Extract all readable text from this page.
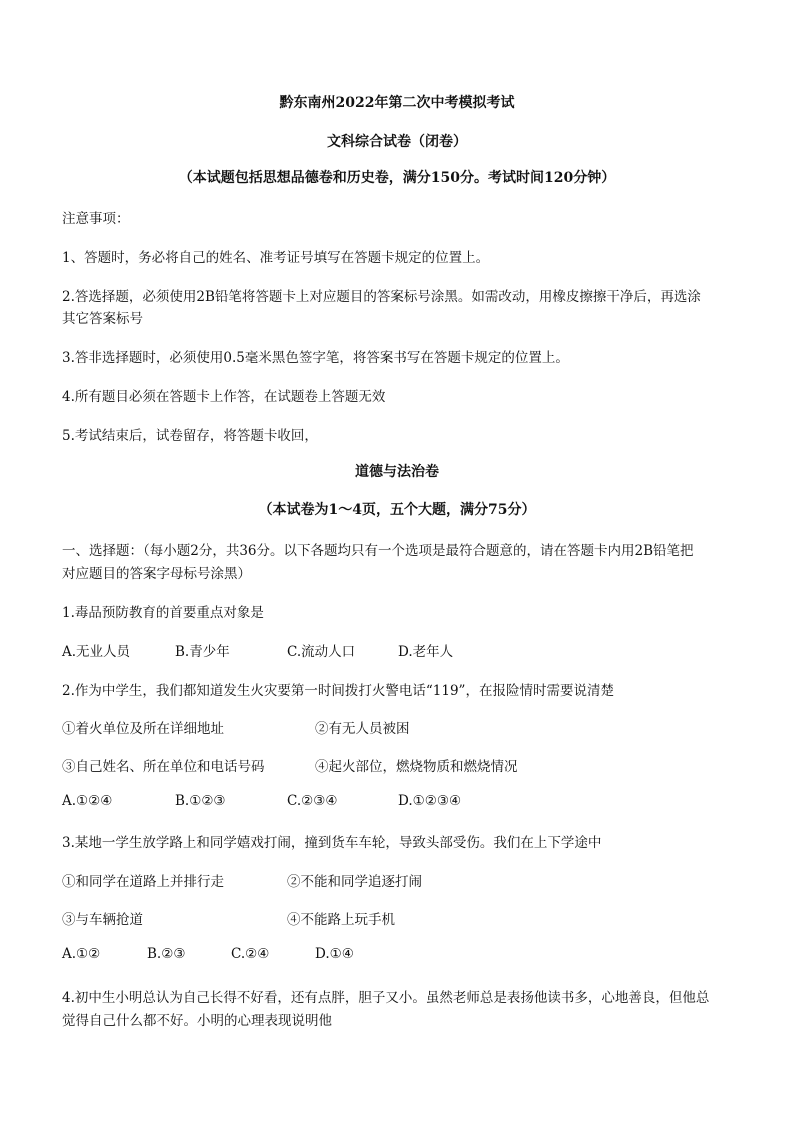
黔东南州2022年第二次中考模拟考试
文科综合试卷（闭卷）
（本试题包括思想品德卷和历史卷，满分150分。考试时间120分钟）
注意事项：
1、答题时，务必将自己的姓名、准考证号填写在答题卡规定的位置上。
2.答选择题，必须使用2B铅笔将答题卡上对应题目的答案标号涂黑。如需改动，用橡皮擦擦干净后，再选涂
其它答案标号
3.答非选择题时，必须使用0.5毫米黑色签字笔，将答案书写在答题卡规定的位置上。
4.所有题目必须在答题卡上作答，在试题卷上答题无效
5.考试结束后，试卷留存，将答题卡收回，
道德与法治卷
（本试卷为1～4页，五个大题，满分75分）
一、选择题：（每小题2分，共36分。以下各题均只有一个选项是最符合题意的，请在答题卡内用2B铅笔把
对应题目的答案字母标号涂黑）
1.毒品预防教育的首要重点对象是
A.无业人员	B.青少年	C.流动人口	D.老年人
2.作为中学生，我们都知道发生火灾要第一时间拨打火警电话“119”，在报险情时需要说清楚
①着火单位及所在详细地址	②有无人员被困
③自己姓名、所在单位和电话号码	④起火部位，燃烧物质和燃烧情况
A.①②④	B.①②③	C.②③④	D.①②③④
3.某地一学生放学路上和同学嬉戏打闹，撞到货车车轮，导致头部受伤。我们在上下学途中
①和同学在道路上并排行走	②不能和同学追逐打闹
③与车辆抢道	④不能路上玩手机
A.①②	B.②③	C.②④	D.①④
4.初中生小明总认为自己长得不好看，还有点胖，胆子又小。虽然老师总是表扬他读书多，心地善良，但他总
觉得自己什么都不好。小明的心理表现说明他
